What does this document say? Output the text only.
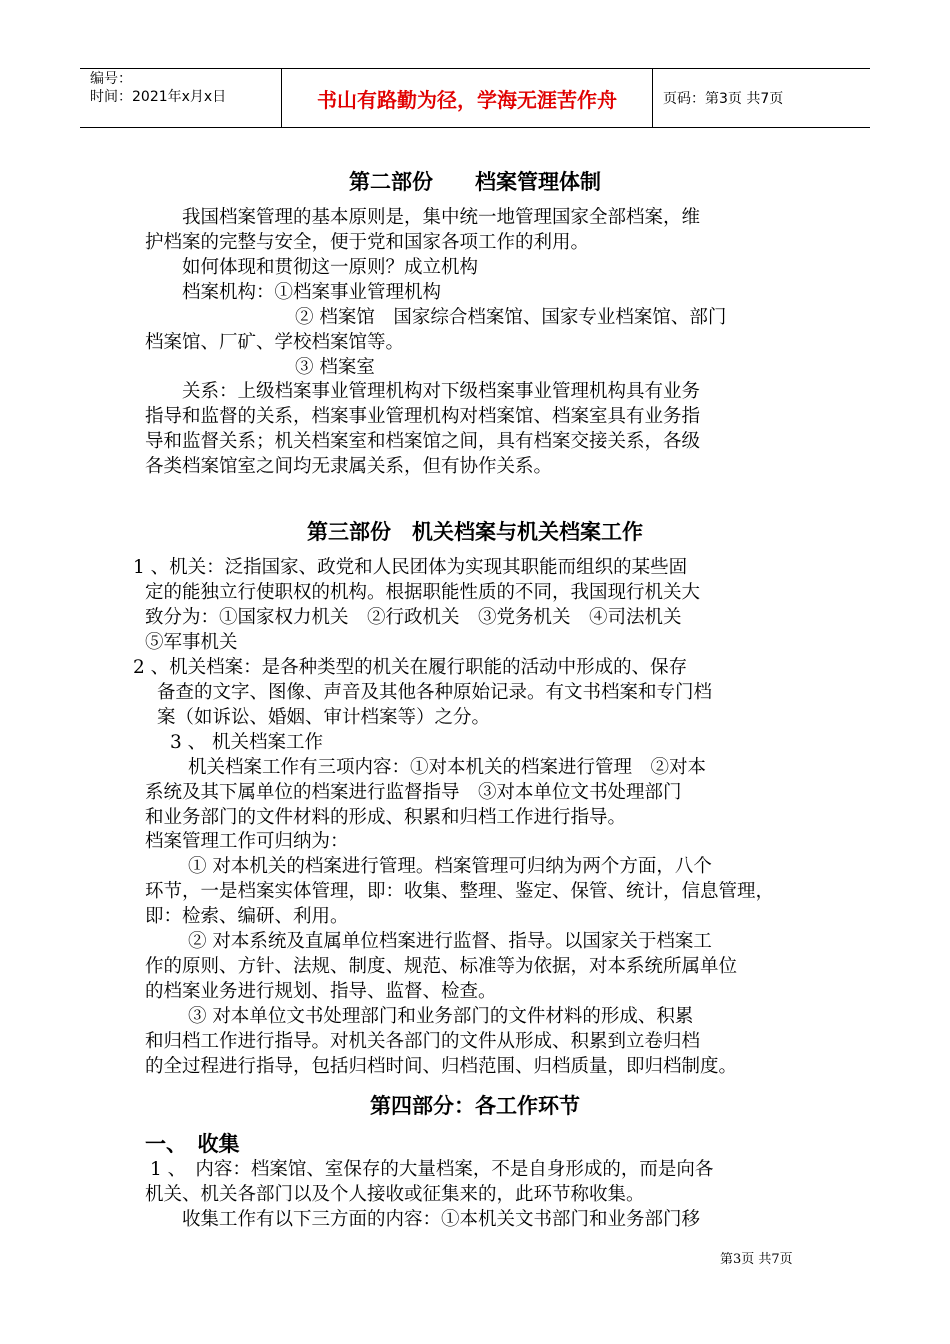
编号：
时间：2021年x月x日	书山有路勤为径，学海无涯苦作舟	页码：第3页 共7页
第二部份　　档案管理体制
我国档案管理的基本原则是，集中统一地管理国家全部档案，维
护档案的完整与安全，便于党和国家各项工作的利用。
如何体现和贯彻这一原则？成立机构
档案机构：①档案事业管理机构
② 档案馆　国家综合档案馆、国家专业档案馆、部门
档案馆、厂矿、学校档案馆等。
③ 档案室
关系：上级档案事业管理机构对下级档案事业管理机构具有业务
指导和监督的关系，档案事业管理机构对档案馆、档案室具有业务指
导和监督关系；机关档案室和档案馆之间，具有档案交接关系，各级
各类档案馆室之间均无隶属关系，但有协作关系。
第三部份　机关档案与机关档案工作
1 、机关：泛指国家、政党和人民团体为实现其职能而组织的某些固
定的能独立行使职权的机构。根据职能性质的不同，我国现行机关大
致分为：①国家权力机关　②行政机关　③党务机关　④司法机关
⑤军事机关
2 、机关档案：是各种类型的机关在履行职能的活动中形成的、保存
备查的文字、图像、声音及其他各种原始记录。有文书档案和专门档
案（如诉讼、婚姻、审计档案等）之分。
3 、 机关档案工作
机关档案工作有三项内容：①对本机关的档案进行管理　②对本
系统及其下属单位的档案进行监督指导　③对本单位文书处理部门
和业务部门的文件材料的形成、积累和归档工作进行指导。
档案管理工作可归纳为：
① 对本机关的档案进行管理。档案管理可归纳为两个方面，八个
环节，一是档案实体管理，即：收集、整理、鉴定、保管、统计，信息管理，
即：检索、编研、利用。
② 对本系统及直属单位档案进行监督、指导。以国家关于档案工
作的原则、方针、法规、制度、规范、标准等为依据，对本系统所属单位
的档案业务进行规划、指导、监督、检查。
③ 对本单位文书处理部门和业务部门的文件材料的形成、积累
和归档工作进行指导。对机关各部门的文件从形成、积累到立卷归档
的全过程进行指导，包括归档时间、归档范围、归档质量，即归档制度。
第四部分：各工作环节
一、　收集
1 、　内容：档案馆、室保存的大量档案，不是自身形成的，而是向各
机关、机关各部门以及个人接收或征集来的，此环节称收集。
收集工作有以下三方面的内容：①本机关文书部门和业务部门移
第3页 共7页
